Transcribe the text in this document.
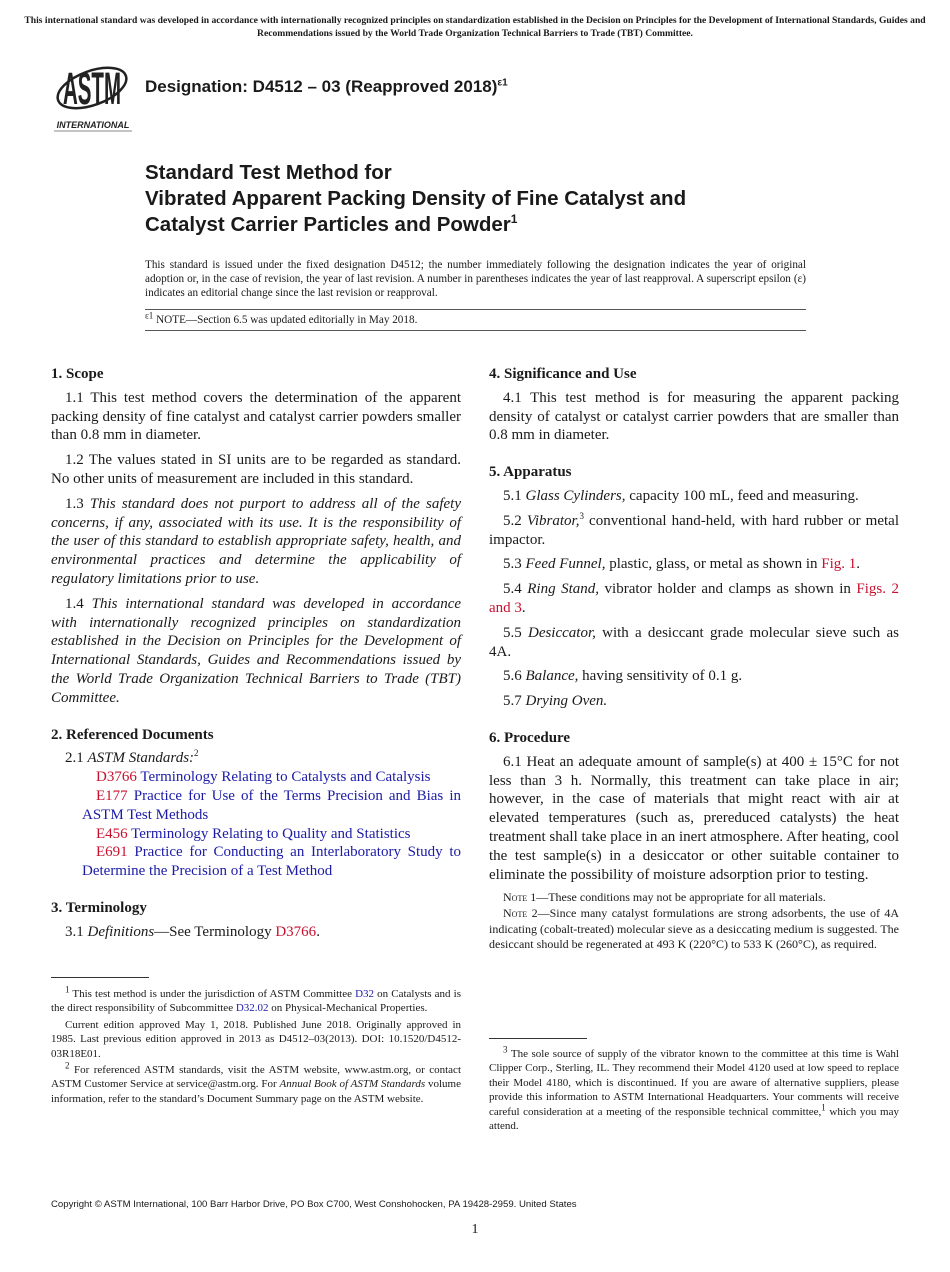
This international standard was developed in accordance with internationally recognized principles on standardization established in the Decision on Principles for the Development of International Standards, Guides and Recommendations issued by the World Trade Organization Technical Barriers to Trade (TBT) Committee.
ASTM
INTERNATIONAL
Designation: D4512 – 03 (Reapproved 2018)$^{\varepsilon 1}$
Standard Test Method for
Vibrated Apparent Packing Density of Fine Catalyst and
Catalyst Carrier Particles and Powder$^1$
This standard is issued under the fixed designation D4512; the number immediately following the designation indicates the year of original adoption or, in the case of revision, the year of last revision. A number in parentheses indicates the year of last reapproval. A superscript epsilon (ε) indicates an editorial change since the last revision or reapproval.
$^{\varepsilon 1}$ NOTE—Section 6.5 was updated editorially in May 2018.
1. Scope

1.1 This test method covers the determination of the apparent packing density of fine catalyst and catalyst carrier powders smaller than 0.8 mm in diameter.

1.2 The values stated in SI units are to be regarded as standard. No other units of measurement are included in this standard.

1.3 This standard does not purport to address all of the safety concerns, if any, associated with its use. It is the responsibility of the user of this standard to establish appropriate safety, health, and environmental practices and determine the applicability of regulatory limitations prior to use.

1.4 This international standard was developed in accordance with internationally recognized principles on standardization established in the Decision on Principles for the Development of International Standards, Guides and Recommendations issued by the World Trade Organization Technical Barriers to Trade (TBT) Committee.

2. Referenced Documents

2.1 ASTM Standards:$^2$

D3766 Terminology Relating to Catalysts and Catalysis

E177 Practice for Use of the Terms Precision and Bias in ASTM Test Methods

E456 Terminology Relating to Quality and Statistics

E691 Practice for Conducting an Interlaboratory Study to Determine the Precision of a Test Method

3. Terminology

3.1 Definitions—See Terminology D3766.

$^1$ This test method is under the jurisdiction of ASTM Committee D32 on Catalysts and is the direct responsibility of Subcommittee D32.02 on Physical-Mechanical Properties.

Current edition approved May 1, 2018. Published June 2018. Originally approved in 1985. Last previous edition approved in 2013 as D4512–03(2013). DOI: 10.1520/D4512-03R18E01.

$^2$ For referenced ASTM standards, visit the ASTM website, www.astm.org, or contact ASTM Customer Service at service@astm.org. For Annual Book of ASTM Standards volume information, refer to the standard’s Document Summary page on the ASTM website.

4. Significance and Use

4.1 This test method is for measuring the apparent packing density of catalyst or catalyst carrier powders that are smaller than 0.8 mm in diameter.

5. Apparatus

5.1 Glass Cylinders, capacity 100 mL, feed and measuring.

5.2 Vibrator,$^3$ conventional hand-held, with hard rubber or metal impactor.

5.3 Feed Funnel, plastic, glass, or metal as shown in Fig. 1.

5.4 Ring Stand, vibrator holder and clamps as shown in Figs. 2 and 3.

5.5 Desiccator, with a desiccant grade molecular sieve such as 4A.

5.6 Balance, having sensitivity of 0.1 g.

5.7 Drying Oven.

6. Procedure

6.1 Heat an adequate amount of sample(s) at 400 ± 15°C for not less than 3 h. Normally, this treatment can take place in air; however, in the case of materials that might react with air at elevated temperatures (such as, prereduced catalysts) the heat treatment shall take place in an inert atmosphere. After heating, cool the test sample(s) in a desiccator or other suitable container to eliminate the possibility of moisture adsorption prior to testing.

Note 1—These conditions may not be appropriate for all materials.

Note 2—Since many catalyst formulations are strong adsorbents, the use of 4A indicating (cobalt-treated) molecular sieve as a desiccating medium is suggested. The desiccant should be regenerated at 493 K (220°C) to 533 K (260°C), as required.

$^3$ The sole source of supply of the vibrator known to the committee at this time is Wahl Clipper Corp., Sterling, IL. They recommend their Model 4120 used at low speed to replace their Model 4180, which is discontinued. If you are aware of alternative suppliers, please provide this information to ASTM International Headquarters. Your comments will receive careful consideration at a meeting of the responsible technical committee,$^1$ which you may attend.

Copyright © ASTM International, 100 Barr Harbor Drive, PO Box C700, West Conshohocken, PA 19428-2959. United States
1
